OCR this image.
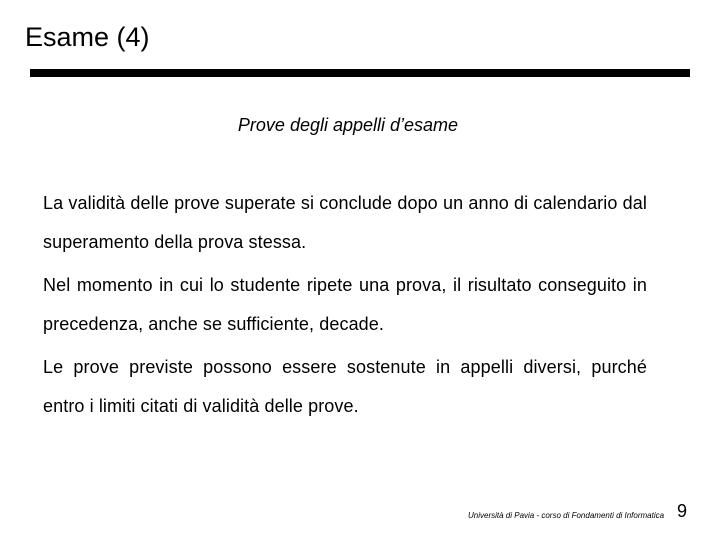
Esame (4)
Prove degli appelli d’esame

La validità delle prove superate si conclude dopo un anno di calendario dal superamento della prova stessa.

Nel momento in cui lo studente ripete una prova, il risultato conseguito in precedenza, anche se sufficiente, decade.

Le prove previste possono essere sostenute in appelli diversi, purché entro i limiti citati di validità delle prove.

Università di Pavia - corso di Fondamenti di Informatica 9
